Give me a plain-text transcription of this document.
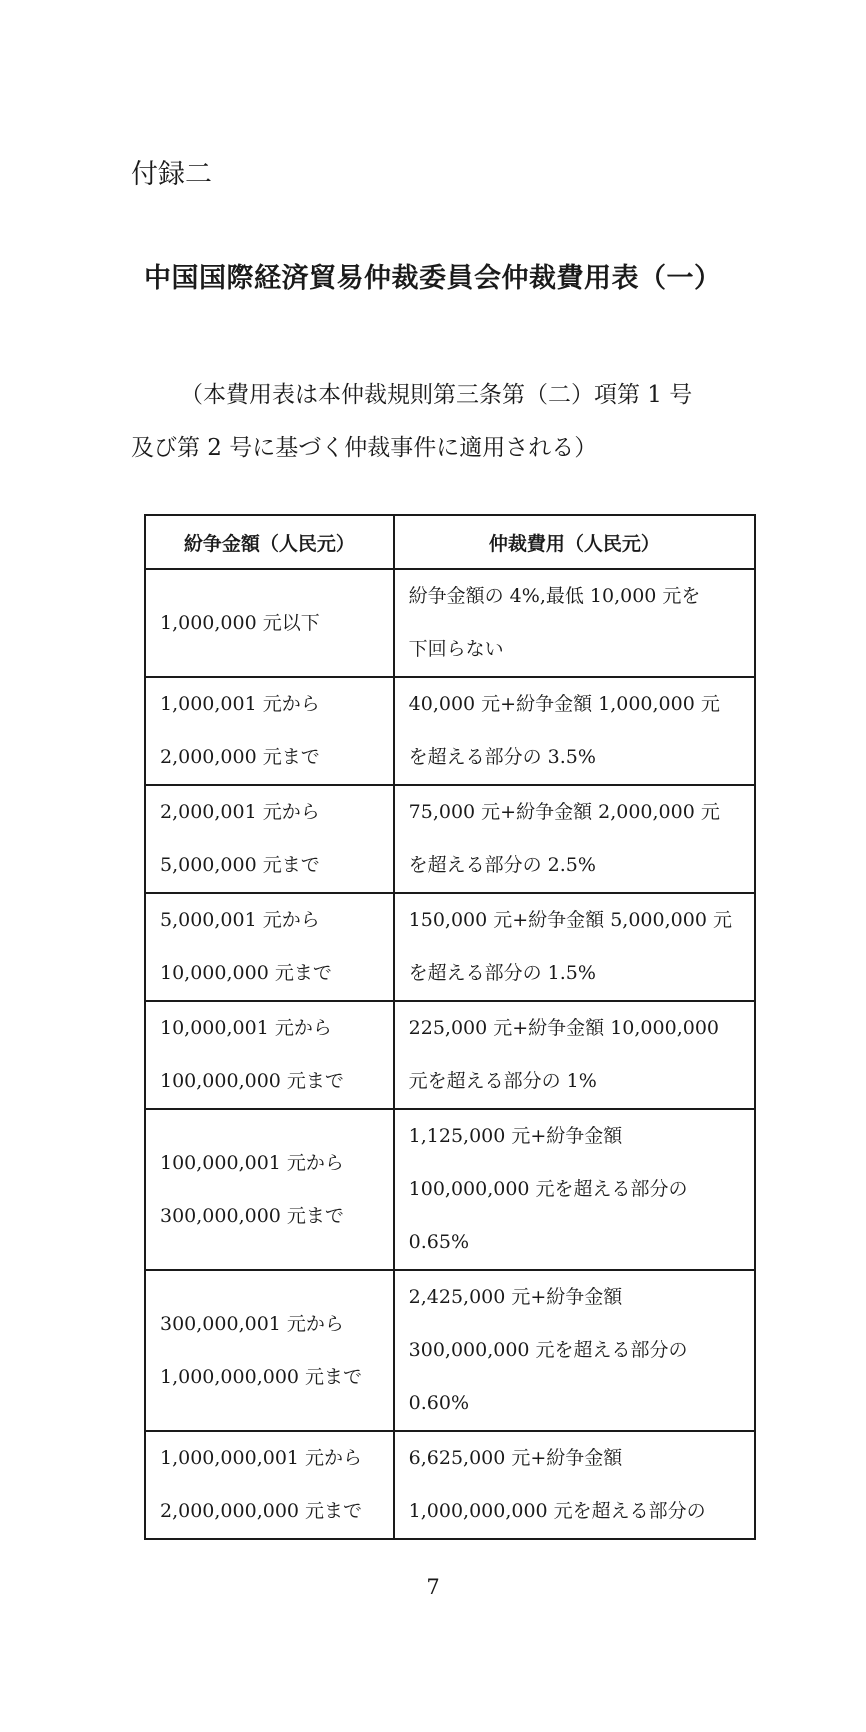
付録二
中国国際経済貿易仲裁委員会仲裁費用表（一）
（本費用表は本仲裁規則第三条第（二）項第 1 号
及び第 2 号に基づく仲裁事件に適用される）
紛争金額（人民元）	仲裁費用（人民元）

1,000,000 元以下	紛争金額の 4%,最低 10,000 元を
下回らない

1,000,001 元から
2,000,000 元まで	40,000 元+紛争金額 1,000,000 元
を超える部分の 3.5%

2,000,001 元から
5,000,000 元まで	75,000 元+紛争金額 2,000,000 元
を超える部分の 2.5%

5,000,001 元から
10,000,000 元まで	150,000 元+紛争金額 5,000,000 元
を超える部分の 1.5%

10,000,001 元から
100,000,000 元まで	225,000 元+紛争金額 10,000,000
元を超える部分の 1%

100,000,001 元から
300,000,000 元まで	1,125,000 元+紛争金額
100,000,000 元を超える部分の
0.65%

300,000,001 元から
1,000,000,000 元まで	2,425,000 元+紛争金額
300,000,000 元を超える部分の
0.60%

1,000,000,001 元から
2,000,000,000 元まで	6,625,000 元+紛争金額
1,000,000,000 元を超える部分の
7
